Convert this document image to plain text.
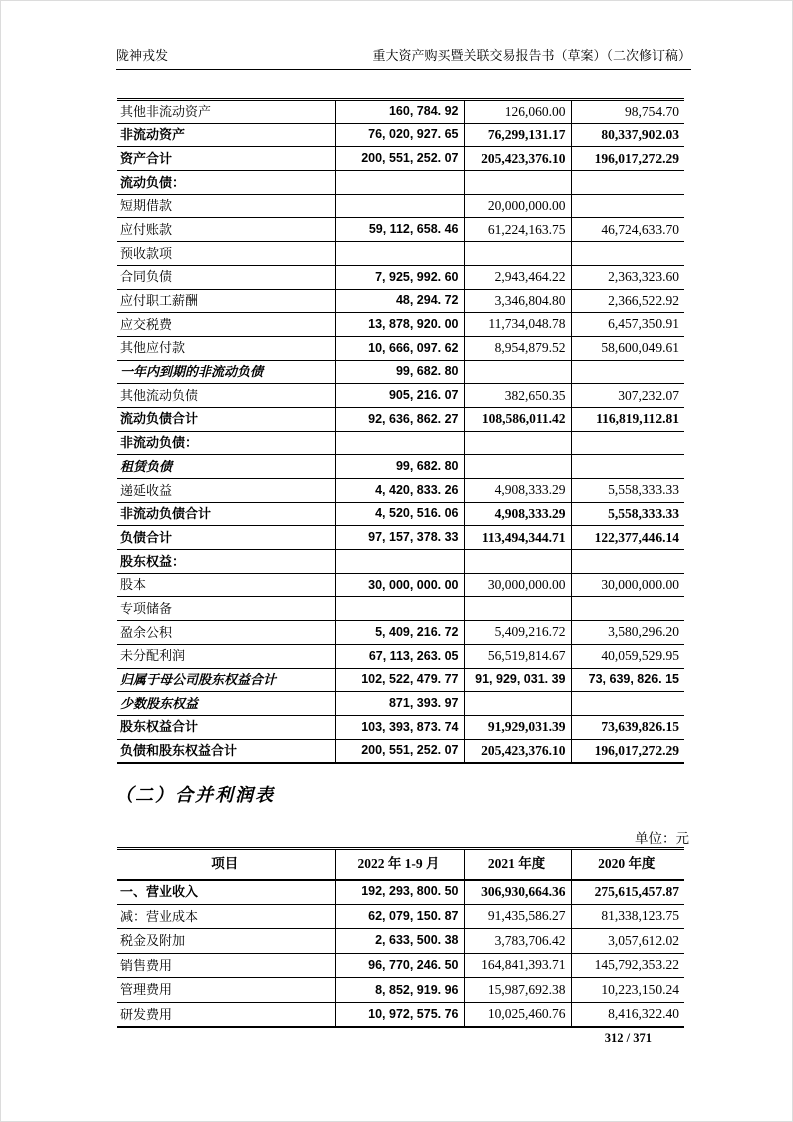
陇神戎发	重大资产购买暨关联交易报告书（草案）（二次修订稿）
其他非流动资产	160, 784. 92	126,060.00	98,754.70
非流动资产	76, 020, 927. 65	76,299,131.17	80,337,902.03
资产合计	200, 551, 252. 07	205,423,376.10	196,017,272.29
流动负债：			
短期借款		20,000,000.00	
应付账款	59, 112, 658. 46	61,224,163.75	46,724,633.70
预收款项			
合同负债	7, 925, 992. 60	2,943,464.22	2,363,323.60
应付职工薪酬	48, 294. 72	3,346,804.80	2,366,522.92
应交税费	13, 878, 920. 00	11,734,048.78	6,457,350.91
其他应付款	10, 666, 097. 62	8,954,879.52	58,600,049.61
一年内到期的非流动负债	99, 682. 80		
其他流动负债	905, 216. 07	382,650.35	307,232.07
流动负债合计	92, 636, 862. 27	108,586,011.42	116,819,112.81
非流动负债：			
租赁负债	99, 682. 80		
递延收益	4, 420, 833. 26	4,908,333.29	5,558,333.33
非流动负债合计	4, 520, 516. 06	4,908,333.29	5,558,333.33
负债合计	97, 157, 378. 33	113,494,344.71	122,377,446.14
股东权益：			
股本	30, 000, 000. 00	30,000,000.00	30,000,000.00
专项储备			
盈余公积	5, 409, 216. 72	5,409,216.72	3,580,296.20
未分配利润	67, 113, 263. 05	56,519,814.67	40,059,529.95
归属于母公司股东权益合计	102, 522, 479. 77	91, 929, 031. 39	73, 639, 826. 15
少数股东权益	871, 393. 97		
股东权益合计	103, 393, 873. 74	91,929,031.39	73,639,826.15
负债和股东权益合计	200, 551, 252. 07	205,423,376.10	196,017,272.29
（二）合并利润表
单位：元
项目	2022 年 1-9 月	2021 年度	2020 年度
一、营业收入	192, 293, 800. 50	306,930,664.36	275,615,457.87
减：营业成本	62, 079, 150. 87	91,435,586.27	81,338,123.75
税金及附加	2, 633, 500. 38	3,783,706.42	3,057,612.02
销售费用	96, 770, 246. 50	164,841,393.71	145,792,353.22
管理费用	8, 852, 919. 96	15,987,692.38	10,223,150.24
研发费用	10, 972, 575. 76	10,025,460.76	8,416,322.40
312 / 371
